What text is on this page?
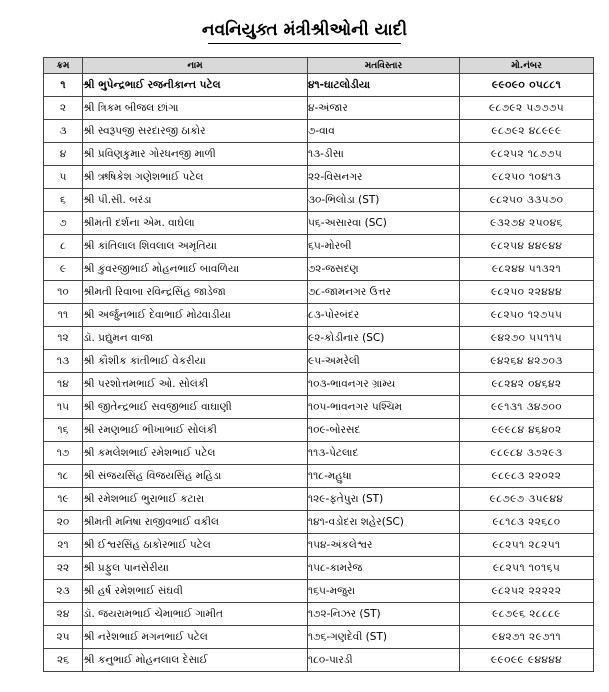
નવનિયુક્ત મંત્રીશ્રીઓની યાદી
ક્રમ	નામ	મતવિસ્તાર	મો.નંબર
૧	શ્રી ભુપેન્દ્રભાઈ રજનીકાન્ત પટેલ	૪૧-ઘાટલોડીયા	૯૯૦૯૦ ૦૫૮૮૧
૨	શ્રી ત્રિકમ બીજલ છાંગા	૪-અંજાર	૯૮૭૯૨ ૫૭૭૭૫
૩	શ્રી સ્વરૂપજી સરદારજી ઠાકોર	૭-વાવ	૯૮૭૯૨ ૪૮૯૯૯
૪	શ્રી પ્રવિણકુમાર ગોરધનજી માળી	૧૩-ડીસા	૯૮૨૫૨ ૧૮૭૭૫
૫	શ્રી ઋષિકેશ ગણેશભાઈ પટેલ	૨૨-વિસનગર	૯૮૨૫૦ ૧૦૪૧૩
૬	શ્રી પી.સી. બરંડા	૩૦-ભિલોડા (ST)	૯૮૨૫૦ ૩૩૫૭૦
૭	શ્રીમતી દર્શના એમ. વાઘેલા	૫૬-અસારવા (SC)	૯૩૨૭૪ ૨૫૦૪૬
૮	શ્રી કાંતિલાલ શિવલાલ અમૃતિયા	૬૫-મોરબી	૯૮૨૫૪ ૪૪૯૪૪
૯	શ્રી કુંવરજીભાઈ મોહનભાઈ બાવળિયા	૭૨-જસદણ	૯૮૨૪૪ ૫૧૩૨૧
૧૦	શ્રીમતી રિવાબા રવિન્દ્રસિંહ જાડેજા	૭૮-જામનગર ઉત્તર	૯૮૨૫૦ ૨૨૪૪૪
૧૧	શ્રી અર્જુનભાઈ દેવાભાઈ મોઢવાડીયા	૮૩-પોરબંદર	૯૮૨૫૦ ૧૨૭૫૫
૧૨	ડૉ. પ્રદ્યુમન વાજા	૯૨-કોડીનાર (SC)	૯૪૨૭૦ ૫૫૧૧૫
૧૩	શ્રી કૌશીક કાંતીભાઈ વેકરીયા	૯૫-અમરેલી	૯૪૨૬૪ ૪૨૭૦૩
૧૪	શ્રી પરશોત્તમભાઈ ઓ. સોલંકી	૧૦૩-ભાવનગર ગ્રામ્ય	૯૮૨૪૨ ૦૪૬૪૨
૧૫	શ્રી જીતેન્દ્રભાઈ સવજીભાઈ વાઘાણી	૧૦૫-ભાવનગર પશ્ચિમ	૯૯૧૩૧ ૩૪૭૦૦
૧૬	શ્રી રમણભાઈ ભીખાભાઈ સોલંકી	૧૦૯-બોરસદ	૯૯૯૮૪ ૪૬૪૦૨
૧૭	શ્રી કમલેશભાઈ રમેશભાઈ પટેલ	૧૧૩-પેટલાદ	૯૮૯૮૪ ૩૭૨૯૩
૧૮	શ્રી સંજયસિંહ વિજયસિંહ મહિડા	૧૧૮-મહુધા	૯૮૯૮૩ ૨૨૦૨૨
૧૯	શ્રી રમેશભાઈ ભુરાભાઈ કટારા	૧૨૯-ફતેપુરા (ST)	૯૮૭૯૭ ૩૫૯૪૪
૨૦	શ્રીમતી મનિષા રાજીવભાઈ વકીલ	૧૪૧-વડોદરા શહેર(SC)	૯૮૧૮૩ ૨૨૬૮૦
૨૧	શ્રી ઈશ્વરસિંહ ઠાકોરભાઈ પટેલ	૧૫૪-અંકલેશ્વર	૯૮૨૫૧ ૨૮૨૫૧
૨૨	શ્રી પ્રફુલ પાનસેરીયા	૧૫૮-કામરેજ	૯૮૨૫૧ ૧૦૧૬૫
૨૩	શ્રી હર્ષ રમેશભાઈ સંઘવી	૧૬૫-મજુરા	૯૮૨૫૨ ૨૨૨૨૨
૨૪	ડૉ. જયરામભાઈ ચેમાભાઈ ગામીત	૧૭૨-નિઝર (ST)	૯૮૭૯૬ ૨૮૮૮૯
૨૫	શ્રી નરેશભાઈ મગનભાઈ પટેલ	૧૭૬-ગણદેવી (ST)	૯૪૨૭૧ ૨૯૭૧૧
૨૬	શ્રી કનુભાઈ મોહનલાલ દેસાઈ	૧૮૦-પારડી	૯૯૦૯૯ ૯૪૪૪૪
